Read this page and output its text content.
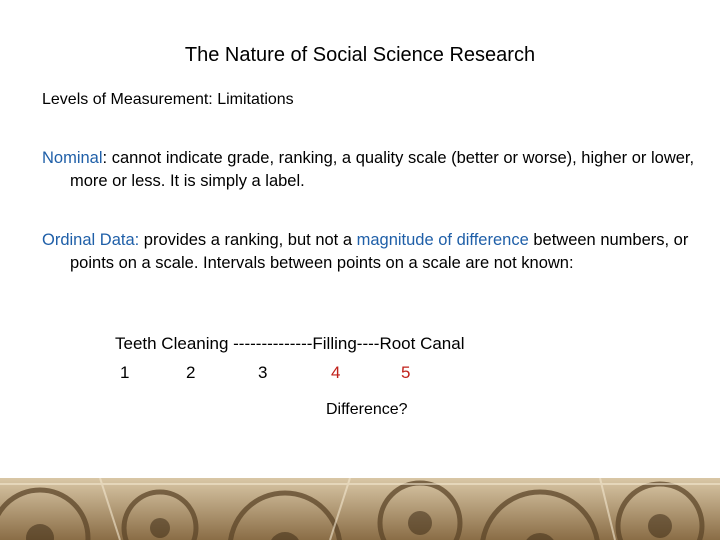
The Nature of Social Science Research
Levels of Measurement: Limitations
Nominal: cannot indicate grade, ranking, a quality scale (better or worse), higher or lower, more or less. It is simply a label.
Ordinal Data: provides a ranking, but not a magnitude of difference between numbers, or points on a scale. Intervals between points on a scale are not known:
Teeth Cleaning --------------Filling----Root Canal
1	2	3	4	5
Difference?
